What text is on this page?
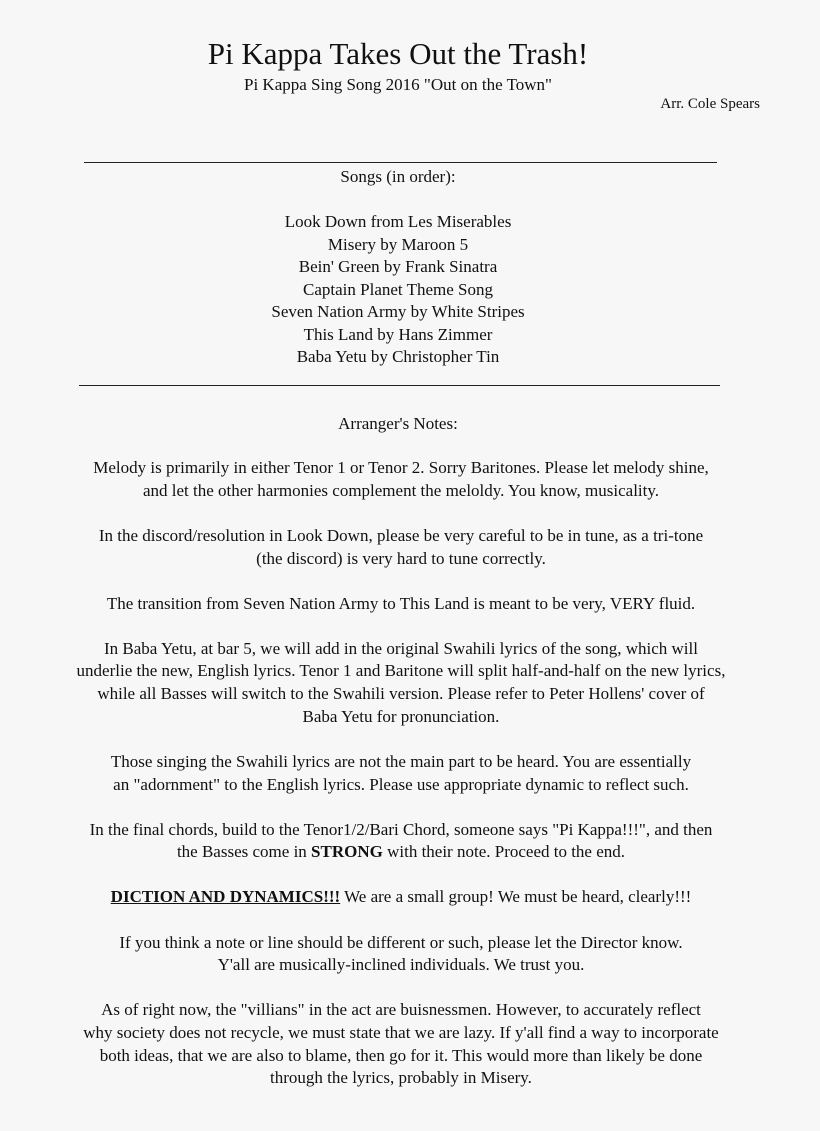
Pi Kappa Takes Out the Trash!
Pi Kappa Sing Song 2016 "Out on the Town"
Arr. Cole Spears
Songs (in order):
Look Down from Les Miserables
Misery by Maroon 5
Bein' Green by Frank Sinatra
Captain Planet Theme Song
Seven Nation Army by White Stripes
This Land by Hans Zimmer
Baba Yetu by Christopher Tin
Arranger's Notes:

Melody is primarily in either Tenor 1 or Tenor 2. Sorry Baritones. Please let melody shine,
and let the other harmonies complement the meloldy. You know, musicality.

In the discord/resolution in Look Down, please be very careful to be in tune, as a tri-tone
(the discord) is very hard to tune correctly.

The transition from Seven Nation Army to This Land is meant to be very, VERY fluid.

In Baba Yetu, at bar 5, we will add in the original Swahili lyrics of the song, which will
underlie the new, English lyrics. Tenor 1 and Baritone will split half-and-half on the new lyrics,
while all Basses will switch to the Swahili version. Please refer to Peter Hollens' cover of
Baba Yetu for pronunciation.

Those singing the Swahili lyrics are not the main part to be heard. You are essentially
an "adornment" to the English lyrics. Please use appropriate dynamic to reflect such.

In the final chords, build to the Tenor1/2/Bari Chord, someone says "Pi Kappa!!!", and then
the Basses come in STRONG with their note. Proceed to the end.

DICTION AND DYNAMICS!!! We are a small group! We must be heard, clearly!!!

If you think a note or line should be different or such, please let the Director know.
Y'all are musically-inclined individuals. We trust you.

As of right now, the "villians" in the act are buisnessmen. However, to accurately reflect
why society does not recycle, we must state that we are lazy. If y'all find a way to incorporate
both ideas, that we are also to blame, then go for it. This would more than likely be done
through the lyrics, probably in Misery.
